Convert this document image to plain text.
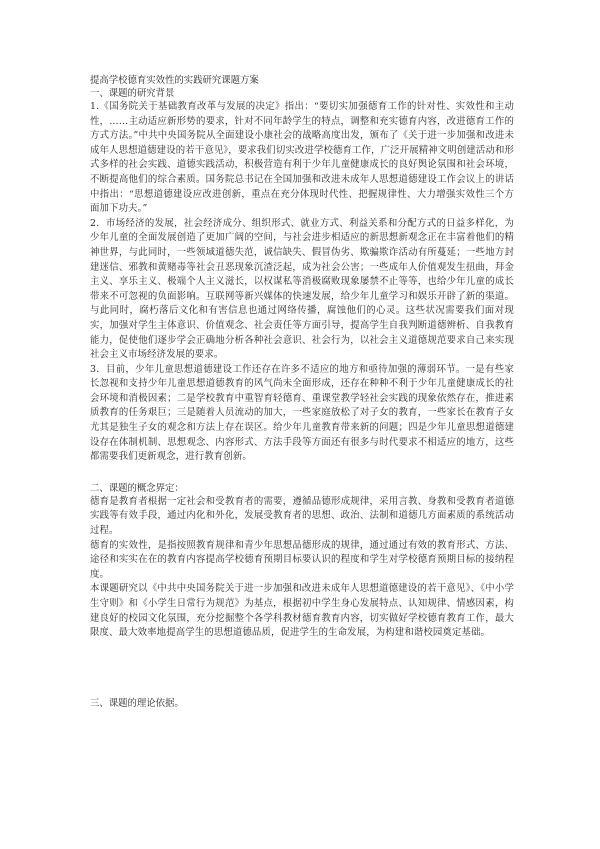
提高学校德育实效性的实践研究课题方案
一、课题的研究背景

1.《国务院关于基础教育改革与发展的决定》指出：“要切实加强德育工作的针对性、实效性和主动性，……主动适应新形势的要求，针对不同年龄学生的特点，调整和充实德育内容，改进德育工作的方式方法。”中共中央国务院从全面建设小康社会的战略高度出发，颁布了《关于进一步加强和改进未成年人思想道德建设的若干意见》，要求我们切实改进学校德育工作，广泛开展精神文明创建活动和形式多样的社会实践、道德实践活动，积极营造有利于少年儿童健康成长的良好舆论氛围和社会环境，不断提高他们的综合素质。国务院总书记在全国加强和改进未成年人思想道德建设工作会议上的讲话中指出：“思想道德建设应改进创新，重点在充分体现时代性、把握规律性、大力增强实效性三个方面加下功夫。”

2．市场经济的发展，社会经济成分、组织形式、就业方式、利益关系和分配方式的日益多样化，为少年儿童的全面发展创造了更加广阔的空间，与社会进步相适应的新思想新观念正在丰富着他们的精神世界，与此同时，一些领域道德失范，诚信缺失、假冒伪劣、欺骗欺诈活动有所蔓延；一些地方封建迷信、邪教和黄赌毒等社会丑恶现象沉渣泛起，成为社会公害；一些成年人价值观发生扭曲，拜金主义、享乐主义、极端个人主义滋长，以权谋私等消极腐败现象屡禁不止等等，也给少年儿童的成长带来不可忽视的负面影响。互联网等新兴媒体的快速发展，给少年儿童学习和娱乐开辟了新的渠道。与此同时，腐朽落后文化和有害信息也通过网络传播，腐蚀他们的心灵。这些状况需要我们面对现实，加强对学生主体意识、价值观念、社会责任等方面引导，提高学生自我判断道德辨析、自我教育能力，促使他们逐步学会正确地分析各种社会意识、社会行为，以社会主义道德规范要求自己来实现社会主义市场经济发展的要求。

3．目前，少年儿童思想道德建设工作还存在许多不适应的地方和亟待加强的薄弱环节。一是有些家长忽视和支持少年儿童思想道德教育的风气尚未全面形成，还存在种种不利于少年儿童健康成长的社会环境和消极因素；二是学校教育中重智育轻德育、重课堂教学轻社会实践的现象依然存在，推进素质教育的任务艰巨；三是随着人员流动的加大，一些家庭放松了对子女的教育，一些家长在教育子女尤其是独生子女的观念和方法上存在误区。给少年儿童教育带来新的问题；四是少年儿童思想道德建设存在体制机制、思想观念、内容形式、方法手段等方面还有很多与时代要求不相适应的地方，这些都需要我们更新观念，进行教育创新。

二、课题的概念界定：

德育是教育者根据一定社会和受教育者的需要，遵循品德形成规律，采用言教、身教和受教育者道德实践等有效手段，通过内化和外化，发展受教育者的思想、政治、法制和道德几方面素质的系统活动过程。

德育的实效性，是指按照教育规律和青少年思想品德形成的规律，通过通过有效的教育形式、方法、途径和实实在在的教育内容提高学校德育预期目标要认识的程度和学生对学校德育预期目标的接纳程度。

本课题研究以《中共中央国务院关于进一步加强和改进未成年人思想道德建设的若干意见》、《中小学生守则》和《小学生日常行为规范》为基点，根据初中学生身心发展特点、认知规律、情感因素，构建良好的校园文化氛围，充分挖掘整个各学科教材德育教育内容，切实做好学校德育教育工作，最大限度、最大效率地提高学生的思想道德品质，促进学生的生命发展，为构建和谐校园奠定基础。

三、课题的理论依据。
